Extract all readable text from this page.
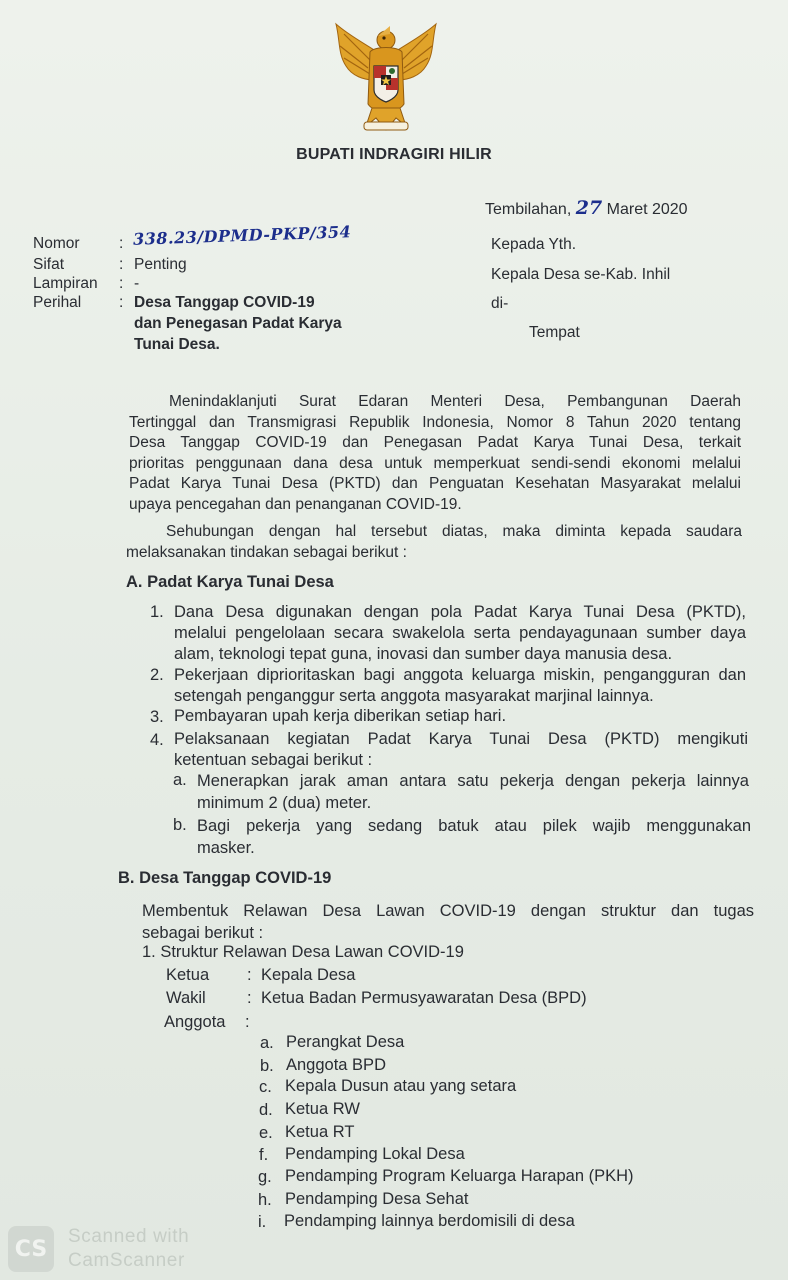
BUPATI INDRAGIRI HILIR
Tembilahan, 27 Maret 2020
Nomor
Sifat
Lampiran
Perihal
:
:
:
:
338.23/DPMD-PKP/354
Penting
-
Desa Tanggap COVID-19
dan Penegasan Padat Karya
Tunai Desa.
Kepada Yth.
Kepala Desa se-Kab. Inhil
di-
Tempat
Menindaklanjuti Surat Edaran Menteri Desa, Pembangunan Daerah
Tertinggal dan Transmigrasi Republik Indonesia, Nomor 8 Tahun 2020 tentang
Desa Tanggap COVID-19 dan Penegasan Padat Karya Tunai Desa, terkait
prioritas penggunaan dana desa untuk memperkuat sendi-sendi ekonomi melalui
Padat Karya Tunai Desa (PKTD) dan Penguatan Kesehatan Masyarakat melalui
upaya pencegahan dan penanganan COVID-19.
Sehubungan dengan hal tersebut diatas, maka diminta kepada saudara
melaksanakan tindakan sebagai berikut :
A. Padat Karya Tunai Desa
1. Dana Desa digunakan dengan pola Padat Karya Tunai Desa (PKTD),
melalui pengelolaan secara swakelola serta pendayagunaan sumber daya
alam, teknologi tepat guna, inovasi dan sumber daya manusia desa.
2. Pekerjaan diprioritaskan bagi anggota keluarga miskin, pengangguran dan
setengah penganggur serta anggota masyarakat marjinal lainnya.
3. Pembayaran upah kerja diberikan setiap hari.
4. Pelaksanaan kegiatan Padat Karya Tunai Desa (PKTD) mengikuti
ketentuan sebagai berikut :
a. Menerapkan jarak aman antara satu pekerja dengan pekerja lainnya
minimum 2 (dua) meter.
b. Bagi pekerja yang sedang batuk atau pilek wajib menggunakan
masker.
B. Desa Tanggap COVID-19
Membentuk Relawan Desa Lawan COVID-19 dengan struktur dan tugas
sebagai berikut :
1. Struktur Relawan Desa Lawan COVID-19
Ketua : Kepala Desa
Wakil	: Ketua Badan Permusyawaratan Desa (BPD)
Anggota :
a. Perangkat Desa
b. Anggota BPD
c. Kepala Dusun atau yang setara
d. Ketua RW
e. Ketua RT
f. Pendamping Lokal Desa
g. Pendamping Program Keluarga Harapan (PKH)
h. Pendamping Desa Sehat
i. Pendamping lainnya berdomisili di desa
CS	Scanned with
CamScanner
